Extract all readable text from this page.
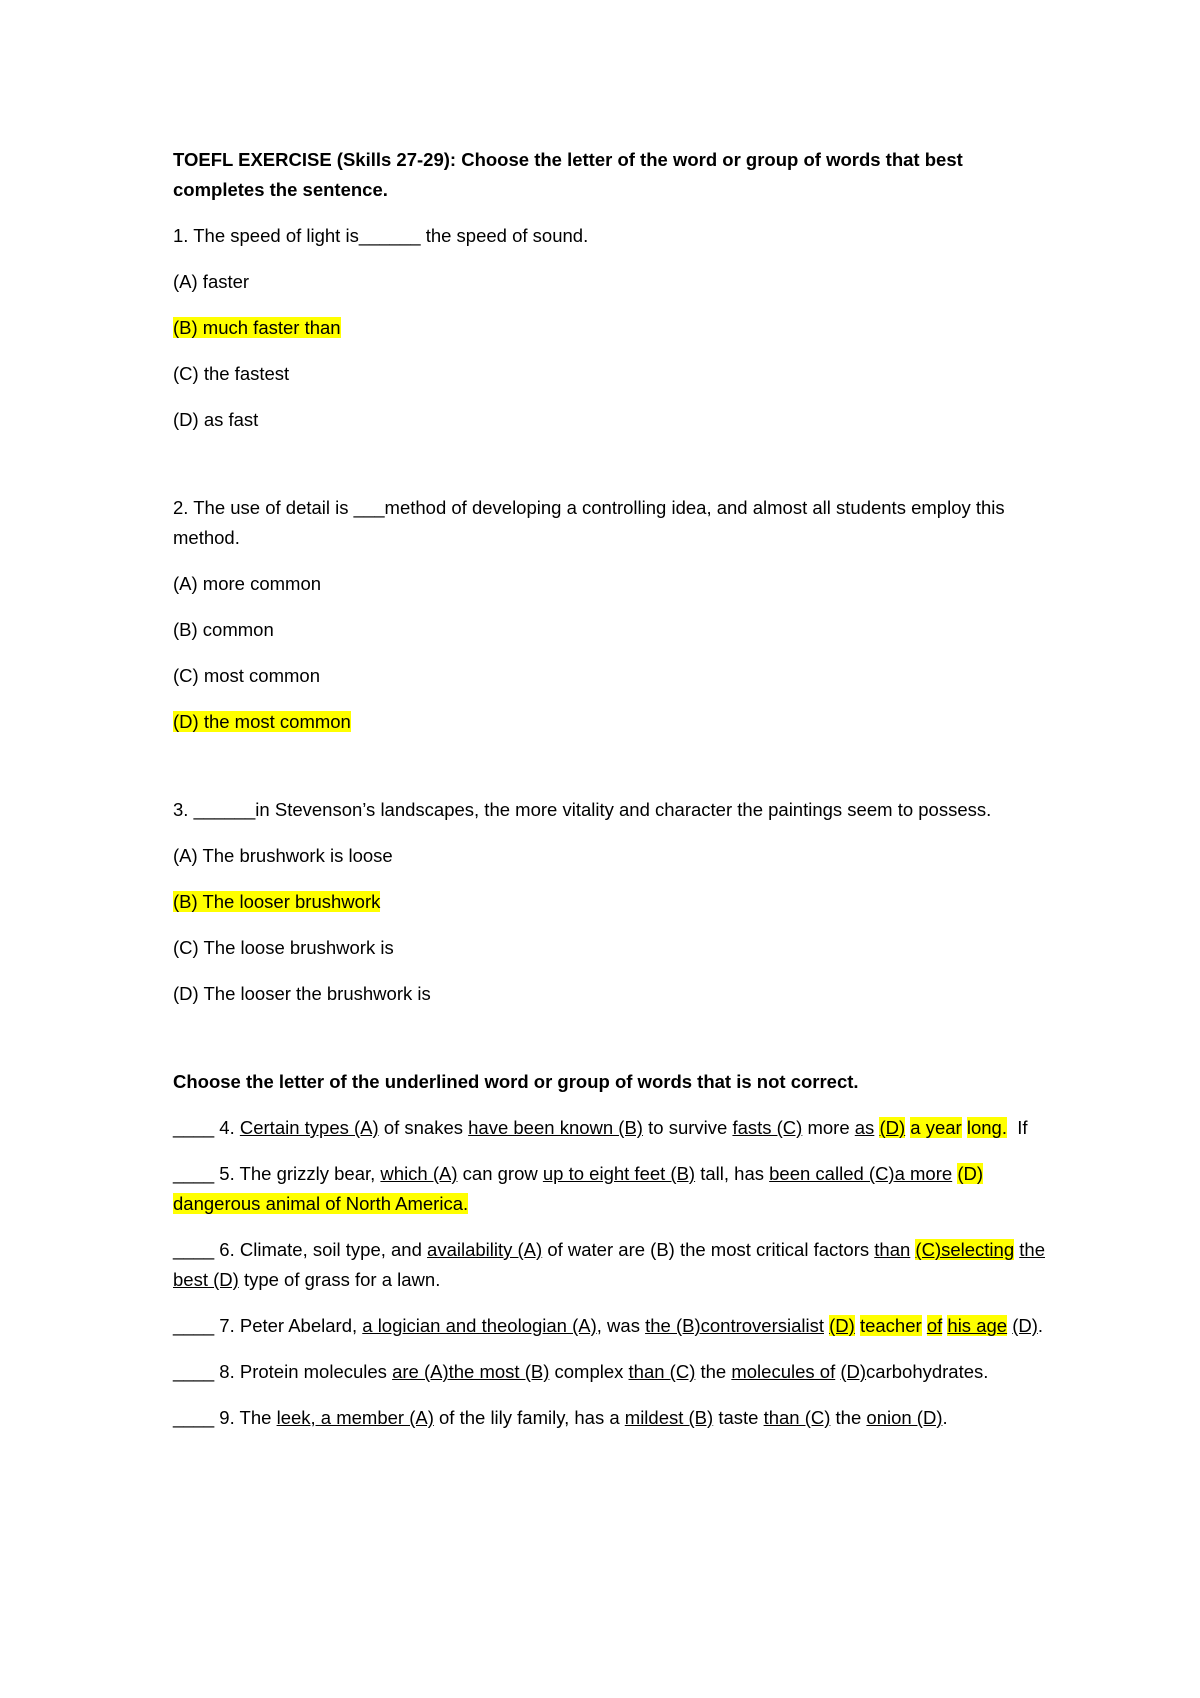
TOEFL EXERCISE (Skills 27-29): Choose the letter of the word or group of words that best completes the sentence.

1. The speed of light is______ the speed of sound.

(A) faster

(B) much faster than

(C) the fastest

(D) as fast

2. The use of detail is ___method of developing a controlling idea, and almost all students employ this method.

(A) more common

(B) common

(C) most common

(D) the most common

3. ______in Stevenson’s landscapes, the more vitality and character the paintings seem to possess.

(A) The brushwork is loose

(B) The looser brushwork

(C) The loose brushwork is

(D) The looser the brushwork is

Choose the letter of the underlined word or group of words that is not correct.

____ 4. Certain types (A) of snakes have been known (B) to survive fasts (C) more as (D) a year long. If

____ 5. The grizzly bear, which (A) can grow up to eight feet (B) tall, has been called (C)a more (D) dangerous animal of North America.

____ 6. Climate, soil type, and availability (A) of water are (B) the most critical factors than (C)selecting the best (D) type of grass for a lawn.

____ 7. Peter Abelard, a logician and theologian (A), was the (B)controversialist (D) teacher of his age (D).

____ 8. Protein molecules are (A)the most (B) complex than (C) the molecules of (D)carbohydrates.

____ 9. The leek, a member (A) of the lily family, has a mildest (B) taste than (C) the onion (D).
